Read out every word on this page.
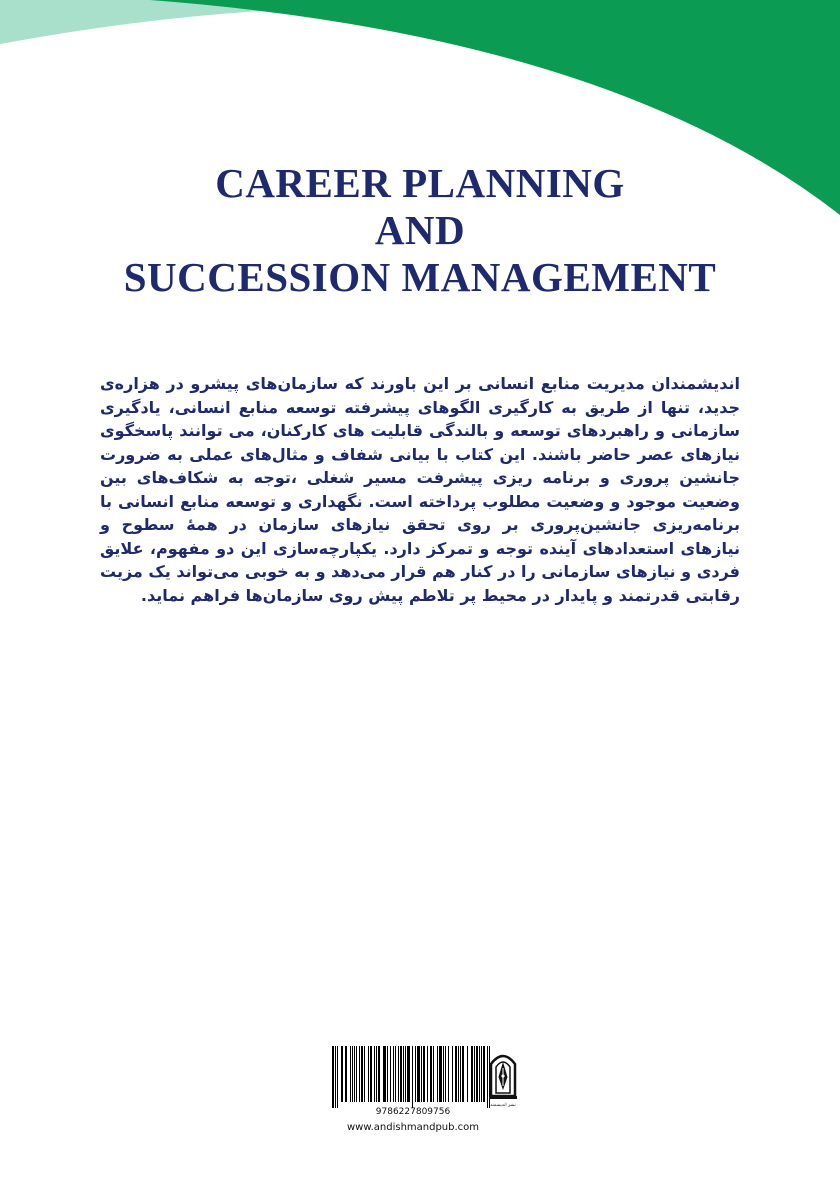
CAREER PLANNING
AND
SUCCESSION MANAGEMENT

اندیشمندان مدیریت منابع انسانی بر این باورند که سازمان‌های پیشرو در هزاره‌ی جدید، تنها از طریق به کارگیری الگوهای پیشرفته توسعه منابع انسانی، یادگیری سازمانی و راهبردهای توسعه و بالندگی قابلیت های کارکنان، می توانند پاسخگوی نیازهای عصر حاضر باشند. این کتاب با بیانی شفاف و مثال‌های عملی به ضرورت جانشین پروری و برنامه ریزی پیشرفت مسیر شغلی ،توجه به شکاف‌های بین وضعیت موجود و وضعیت مطلوب پرداخته است. نگهداری و توسعه منابع انسانی با برنامه‌ریزی جانشین‌پروری بر روی تحقق نیازهای سازمان در همهٔ سطوح و نیازهای استعدادهای آینده توجه و تمرکز دارد. یکپارچه‌سازی این دو مفهوم، علایق فردی و نیازهای سازمانی را در کنار هم قرار می‌دهد و به خوبی می‌تواند یک مزیت رقابتی قدرتمند و پایدار در محیط پر تلاطم پیش روی سازمان‌ها فراهم نماید.

9786227809756
www.andishmandpub.com
نشر اندیشمند
